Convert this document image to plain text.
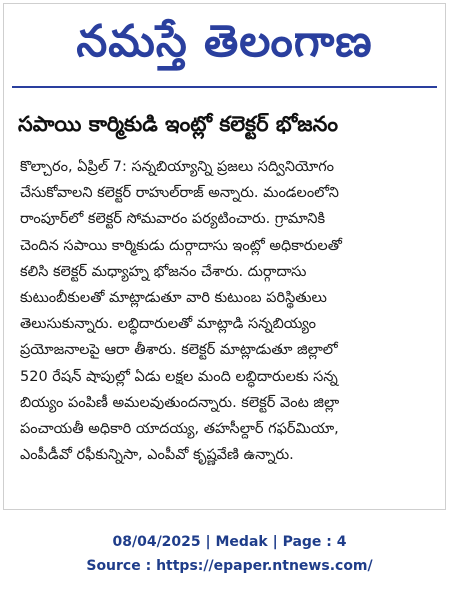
నమస్తే తెలంగాణ
సపాయి కార్మికుడి ఇంట్లో కలెక్టర్ భోజనం
కొల్చారం, ఏప్రిల్ 7: సన్నబియ్యాన్ని ప్రజలు సద్వినియోగం
చేసుకోవాలని కలెక్టర్ రాహుల్‌రాజ్ అన్నారు. మండలంలోని
రాంపూర్‌లో కలెక్టర్ సోమవారం పర్యటించారు. గ్రామానికి
చెందిన సపాయి కార్మికుడు దుర్గాదాసు ఇంట్లో అధికారులతో
కలిసి కలెక్టర్ మధ్యాహ్న భోజనం చేశారు. దుర్గాదాసు
కుటుంబీకులతో మాట్లాడుతూ వారి కుటుంబ పరిస్థితులు
తెలుసుకున్నారు. లబ్ధిదారులతో మాట్లాడి సన్నబియ్యం
ప్రయోజనాలపై ఆరా తీశారు. కలెక్టర్ మాట్లాడుతూ జిల్లాలో
520 రేషన్ షాపుల్లో ఏడు లక్షల మంది లబ్ధిదారులకు సన్న
బియ్యం పంపిణీ అమలవుతుందన్నారు. కలెక్టర్ వెంట జిల్లా
పంచాయతీ అధికారి యాదయ్య, తహసీల్దార్ గఫర్‌మియా,
ఎంపీడీవో రఫీకున్నిసా, ఎంపీవో కృష్ణవేణి ఉన్నారు.
08/04/2025 | Medak | Page : 4
Source : https://epaper.ntnews.com/
